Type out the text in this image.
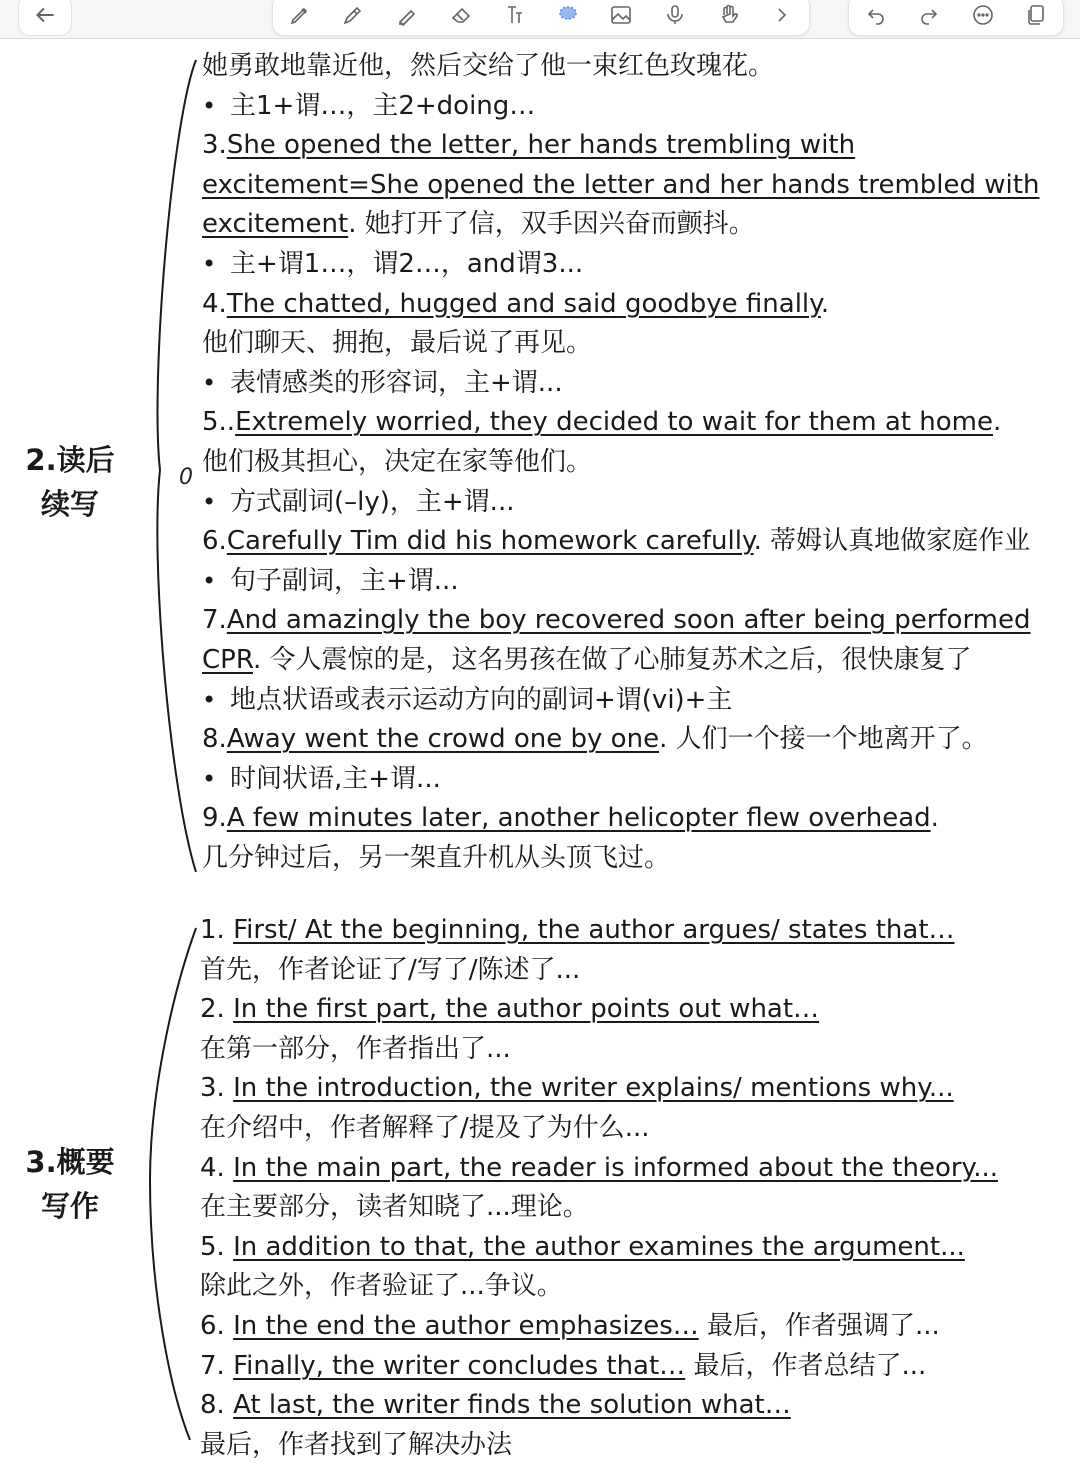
2.读后
续写
0
她勇敢地靠近他，然后交给了他一束红色玫瑰花。
• 主1+谓…，主2+doing…
3.She opened the letter, her hands trembling with
excitement=She opened the letter and her hands trembled with
excitement. 她打开了信，双手因兴奋而颤抖。
• 主+谓1…，谓2…，and谓3...
4.The chatted, hugged and said goodbye finally.
他们聊天、拥抱，最后说了再见。
• 表情感类的形容词，主+谓...
5..Extremely worried, they decided to wait for them at home.
他们极其担心，决定在家等他们。
• 方式副词(–ly)，主+谓...
6.Carefully Tim did his homework carefully. 蒂姆认真地做家庭作业
• 句子副词，主+谓...
7.And amazingly the boy recovered soon after being performed
CPR. 令人震惊的是，这名男孩在做了心肺复苏术之后，很快康复了
• 地点状语或表示运动方向的副词+谓(vi)+主
8.Away went the crowd one by one. 人们一个接一个地离开了。
• 时间状语,主+谓...
9.A few minutes later, another helicopter flew overhead.
几分钟过后，另一架直升机从头顶飞过。
3.概要
写作
1. First/ At the beginning, the author argues/ states that…
首先，作者论证了/写了/陈述了...
2. In the first part, the author points out what…
在第一部分，作者指出了...
3. In the introduction, the writer explains/ mentions why...
在介绍中，作者解释了/提及了为什么...
4. In the main part, the reader is informed about the theory...
在主要部分，读者知晓了...理论。
5. In addition to that, the author examines the argument...
除此之外，作者验证了...争议。
6. In the end the author emphasizes… 最后，作者强调了...
7. Finally, the writer concludes that… 最后，作者总结了...
8. At last, the writer finds the solution what…
最后，作者找到了解决办法
